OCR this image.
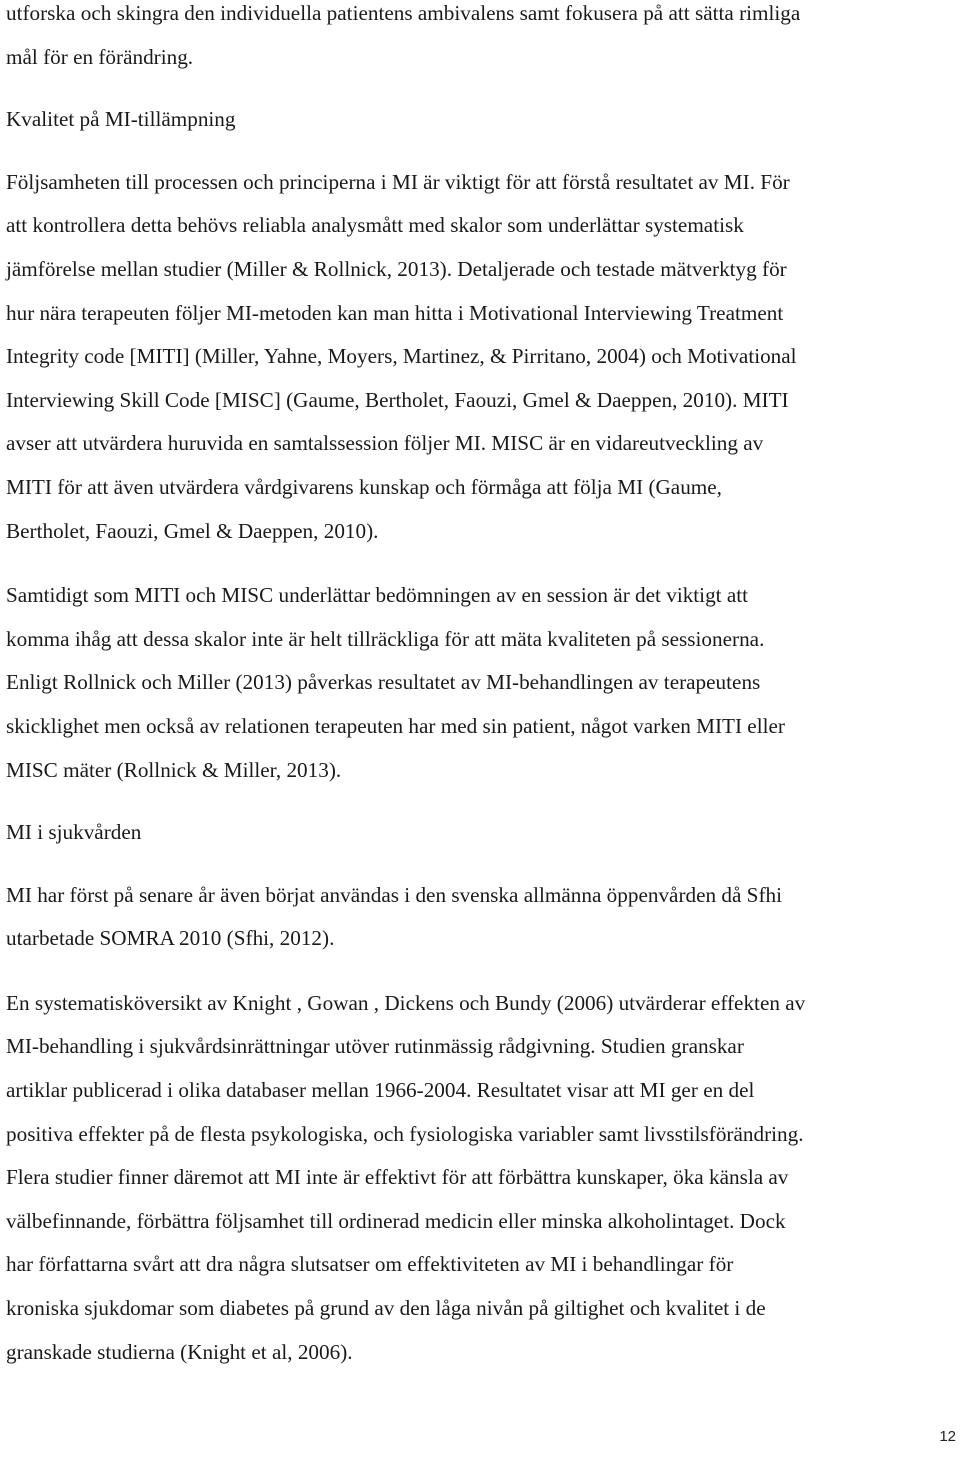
utforska och skingra den individuella patientens ambivalens samt fokusera på att sätta rimliga
mål för en förändring.
Kvalitet på MI-tillämpning
Följsamheten till processen och principerna i MI är viktigt för att förstå resultatet av MI. För
att kontrollera detta behövs reliabla analysmått med skalor som underlättar systematisk
jämförelse mellan studier (Miller & Rollnick, 2013). Detaljerade och testade mätverktyg för
hur nära terapeuten följer MI-metoden kan man hitta i Motivational Interviewing Treatment
Integrity code [MITI] (Miller, Yahne, Moyers, Martinez, & Pirritano, 2004) och Motivational
Interviewing Skill Code [MISC] (Gaume, Bertholet, Faouzi, Gmel & Daeppen, 2010). MITI
avser att utvärdera huruvida en samtalssession följer MI. MISC är en vidareutveckling av
MITI för att även utvärdera vårdgivarens kunskap och förmåga att följa MI (Gaume,
Bertholet, Faouzi, Gmel & Daeppen, 2010).
Samtidigt som MITI och MISC underlättar bedömningen av en session är det viktigt att
komma ihåg att dessa skalor inte är helt tillräckliga för att mäta kvaliteten på sessionerna.
Enligt Rollnick och Miller (2013) påverkas resultatet av MI-behandlingen av terapeutens
skicklighet men också av relationen terapeuten har med sin patient, något varken MITI eller
MISC mäter (Rollnick & Miller, 2013).
MI i sjukvården
MI har först på senare år även börjat användas i den svenska allmänna öppenvården då Sfhi
utarbetade SOMRA 2010 (Sfhi, 2012).
En systematisköversikt av Knight , Gowan , Dickens och Bundy (2006) utvärderar effekten av
MI-behandling i sjukvårdsinrättningar utöver rutinmässig rådgivning. Studien granskar
artiklar publicerad i olika databaser mellan 1966-2004. Resultatet visar att MI ger en del
positiva effekter på de flesta psykologiska, och fysiologiska variabler samt livsstilsförändring.
Flera studier finner däremot att MI inte är effektivt för att förbättra kunskaper, öka känsla av
välbefinnande, förbättra följsamhet till ordinerad medicin eller minska alkoholintaget. Dock
har författarna svårt att dra några slutsatser om effektiviteten av MI i behandlingar för
kroniska sjukdomar som diabetes på grund av den låga nivån på giltighet och kvalitet i de
granskade studierna (Knight et al, 2006).
12
